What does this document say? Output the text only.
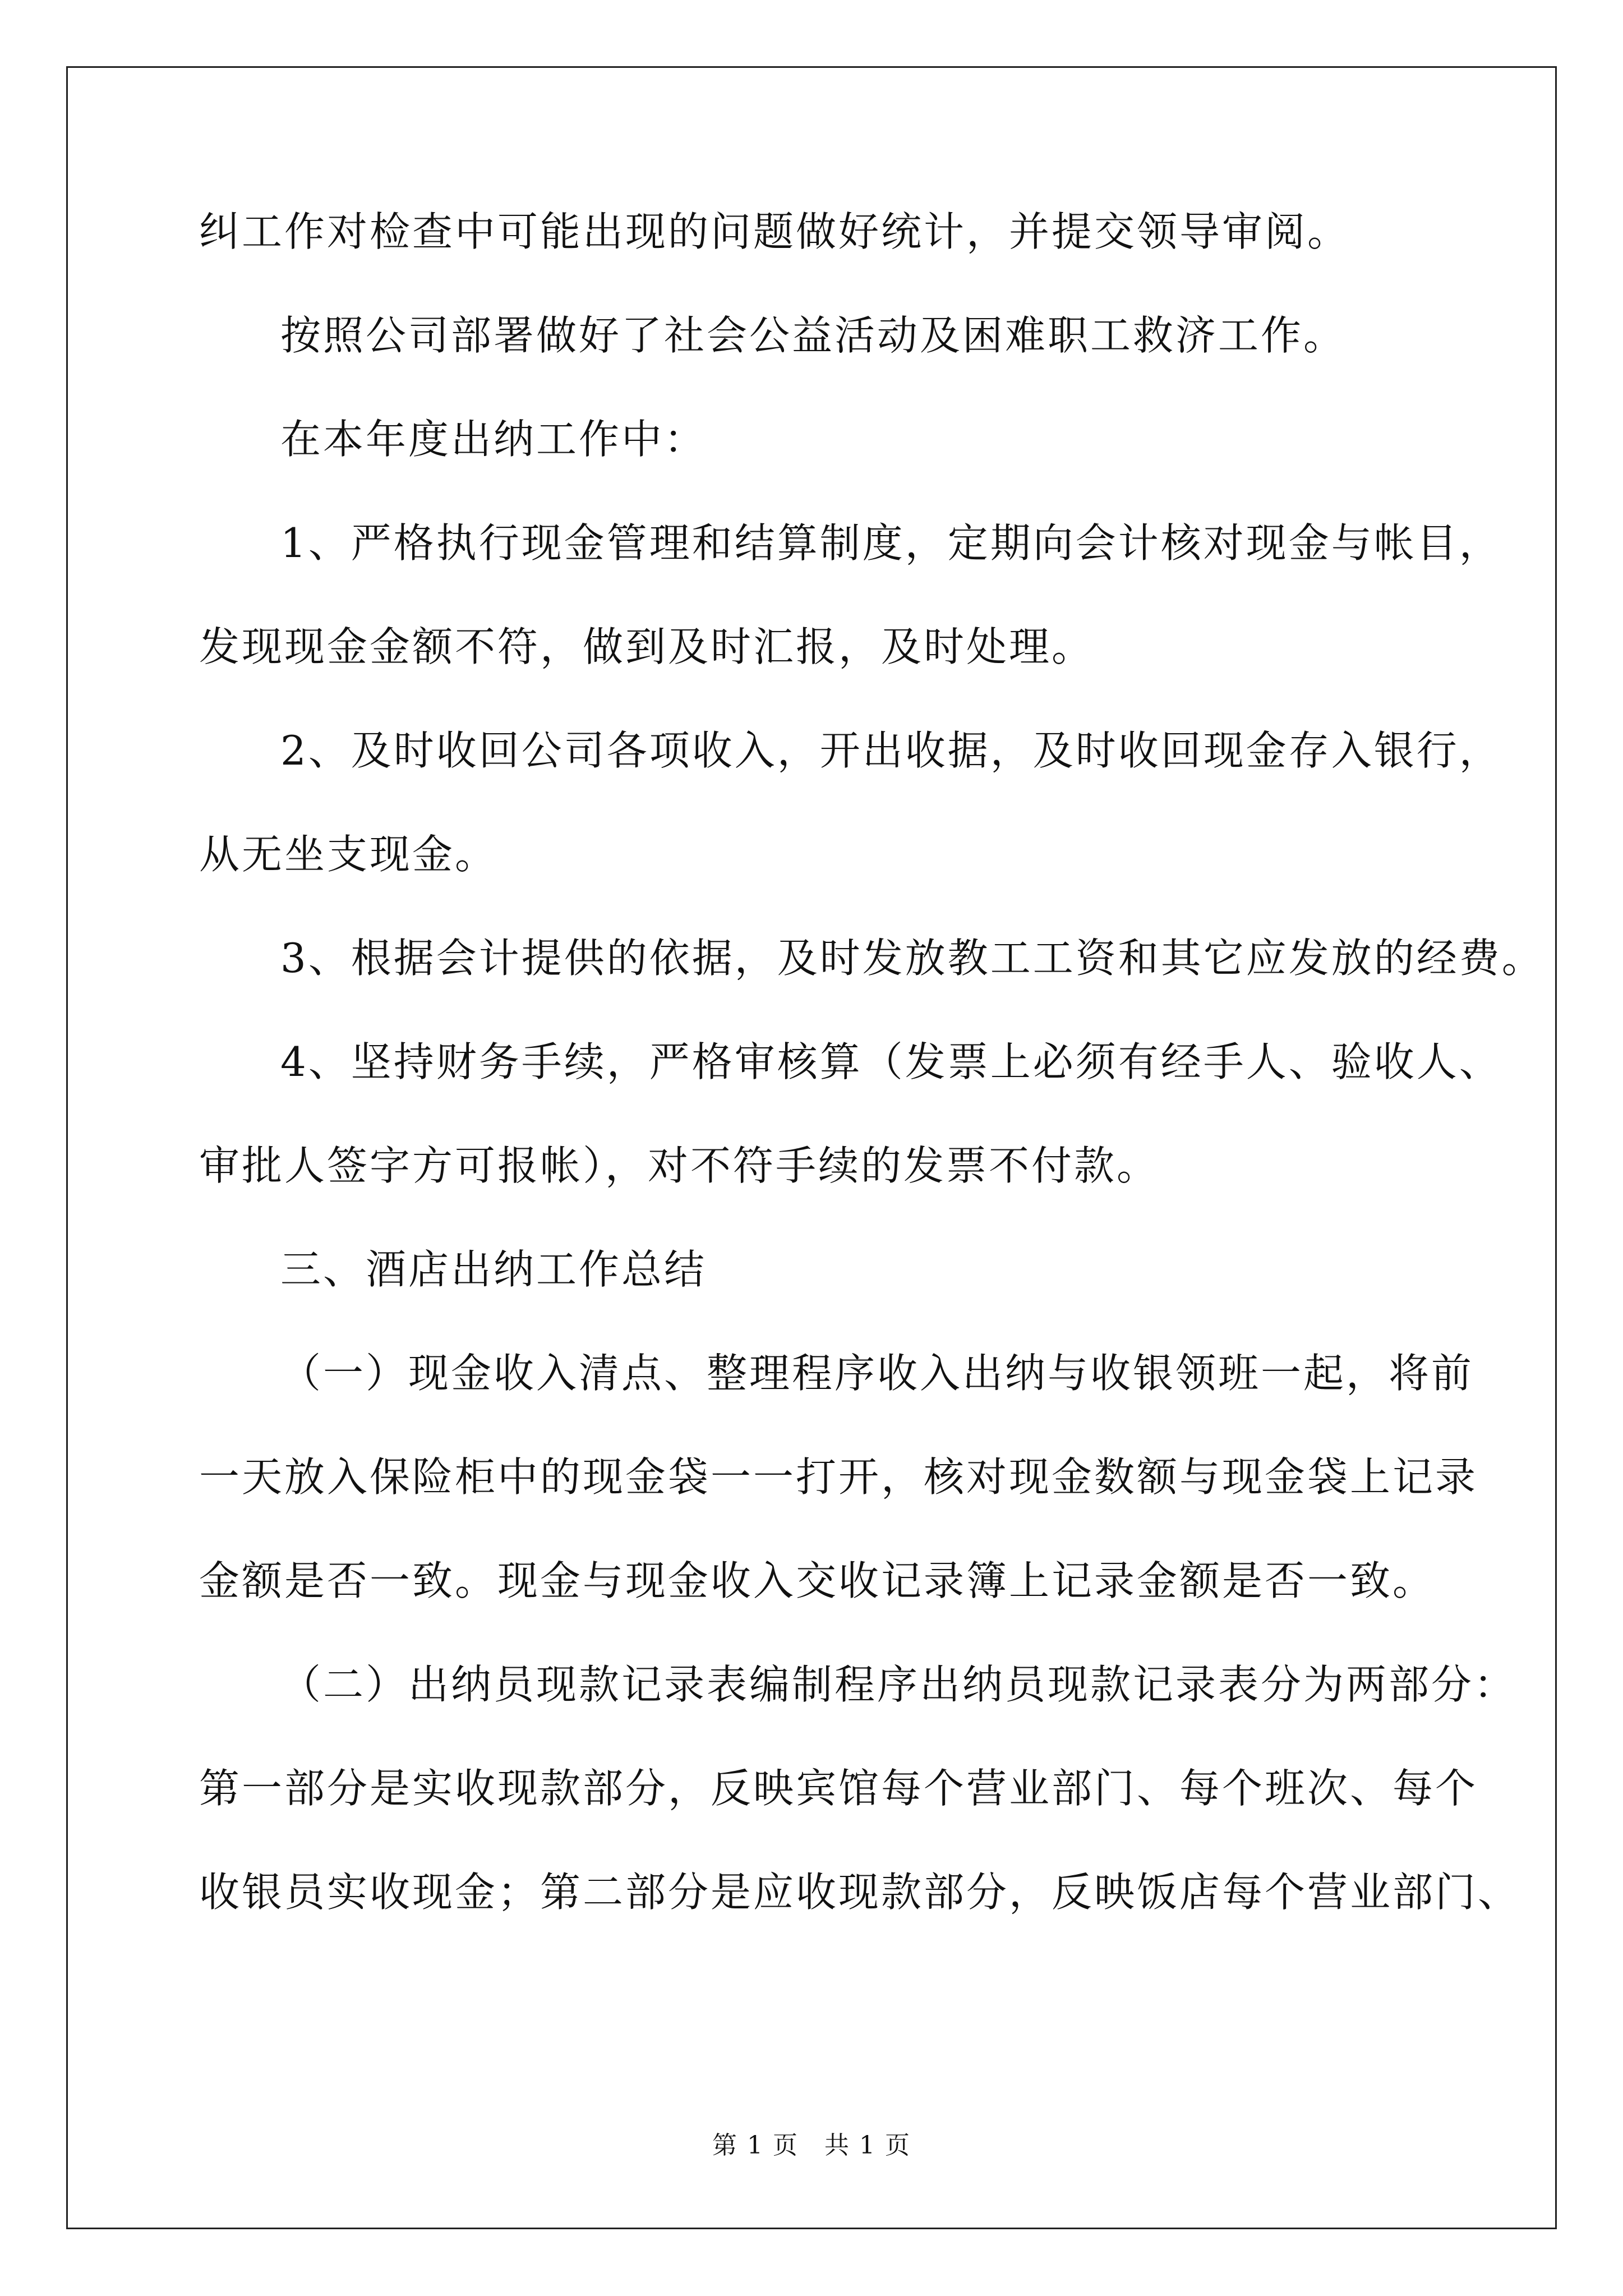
纠工作对检查中可能出现的问题做好统计，并提交领导审阅。
按照公司部署做好了社会公益活动及困难职工救济工作。
在本年度出纳工作中：
1、严格执行现金管理和结算制度，定期向会计核对现金与帐目，
发现现金金额不符，做到及时汇报，及时处理。
2、及时收回公司各项收入，开出收据，及时收回现金存入银行，
从无坐支现金。
3、根据会计提供的依据，及时发放教工工资和其它应发放的经费。
4、坚持财务手续，严格审核算（发票上必须有经手人、验收人、
审批人签字方可报帐），对不符手续的发票不付款。
三、酒店出纳工作总结
（一）现金收入清点、整理程序收入出纳与收银领班一起，将前
一天放入保险柜中的现金袋一一打开，核对现金数额与现金袋上记录
金额是否一致。现金与现金收入交收记录簿上记录金额是否一致。
（二）出纳员现款记录表编制程序出纳员现款记录表分为两部分：
第一部分是实收现款部分，反映宾馆每个营业部门、每个班次、每个
收银员实收现金；第二部分是应收现款部分，反映饭店每个营业部门、
第 1 页　共 1 页
